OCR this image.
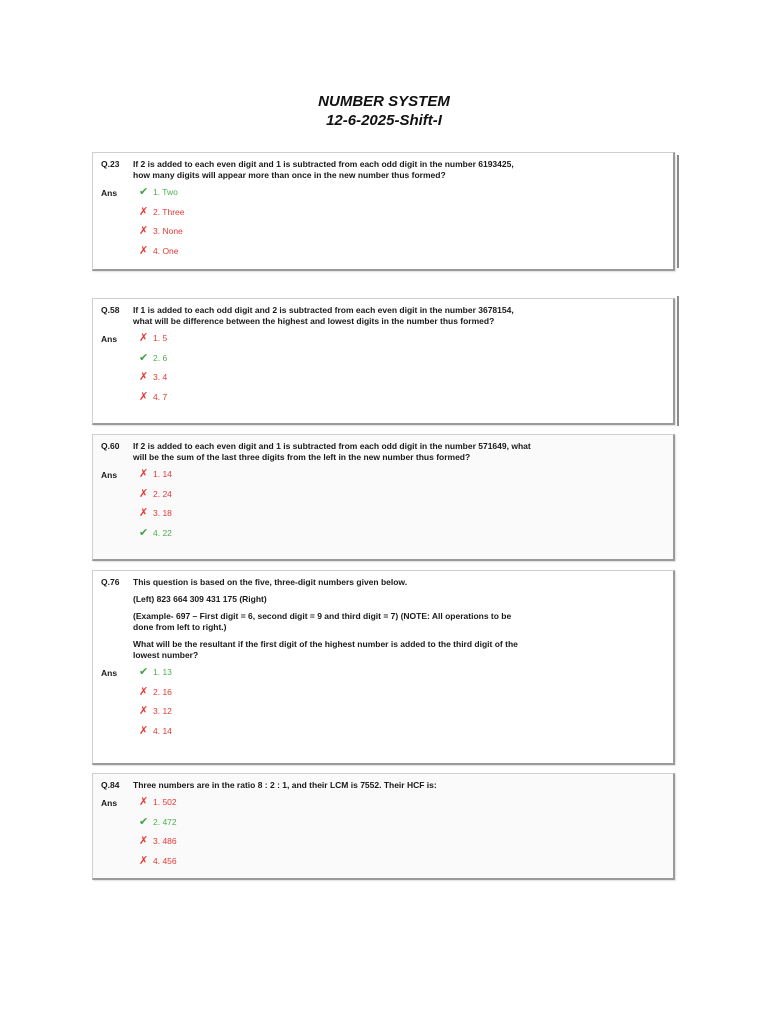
NUMBER SYSTEM
12-6-2025-Shift-I
Q.23 If 2 is added to each even digit and 1 is subtracted from each odd digit in the number 6193425, how many digits will appear more than once in the new number thus formed?

Ans ✔ 1. Two
✗ 2. Three
✗ 3. None
✗ 4. One
Q.58 If 1 is added to each odd digit and 2 is subtracted from each even digit in the number 3678154, what will be difference between the highest and lowest digits in the number thus formed?

Ans ✗ 1. 5
✔ 2. 6
✗ 3. 4
✗ 4. 7
Q.60 If 2 is added to each even digit and 1 is subtracted from each odd digit in the number 571649, what will be the sum of the last three digits from the left in the new number thus formed?

Ans ✗ 1. 14
✗ 2. 24
✗ 3. 18
✔ 4. 22
Q.76 This question is based on the five, three-digit numbers given below.

(Left) 823 664 309 431 175 (Right)

(Example- 697 – First digit = 6, second digit = 9 and third digit = 7) (NOTE: All operations to be done from left to right.)

What will be the resultant if the first digit of the highest number is added to the third digit of the lowest number?

Ans ✔ 1. 13
✗ 2. 16
✗ 3. 12
✗ 4. 14
Q.84 Three numbers are in the ratio 8 : 2 : 1, and their LCM is 7552. Their HCF is:

Ans ✗ 1. 502
✔ 2. 472
✗ 3. 486
✗ 4. 456
